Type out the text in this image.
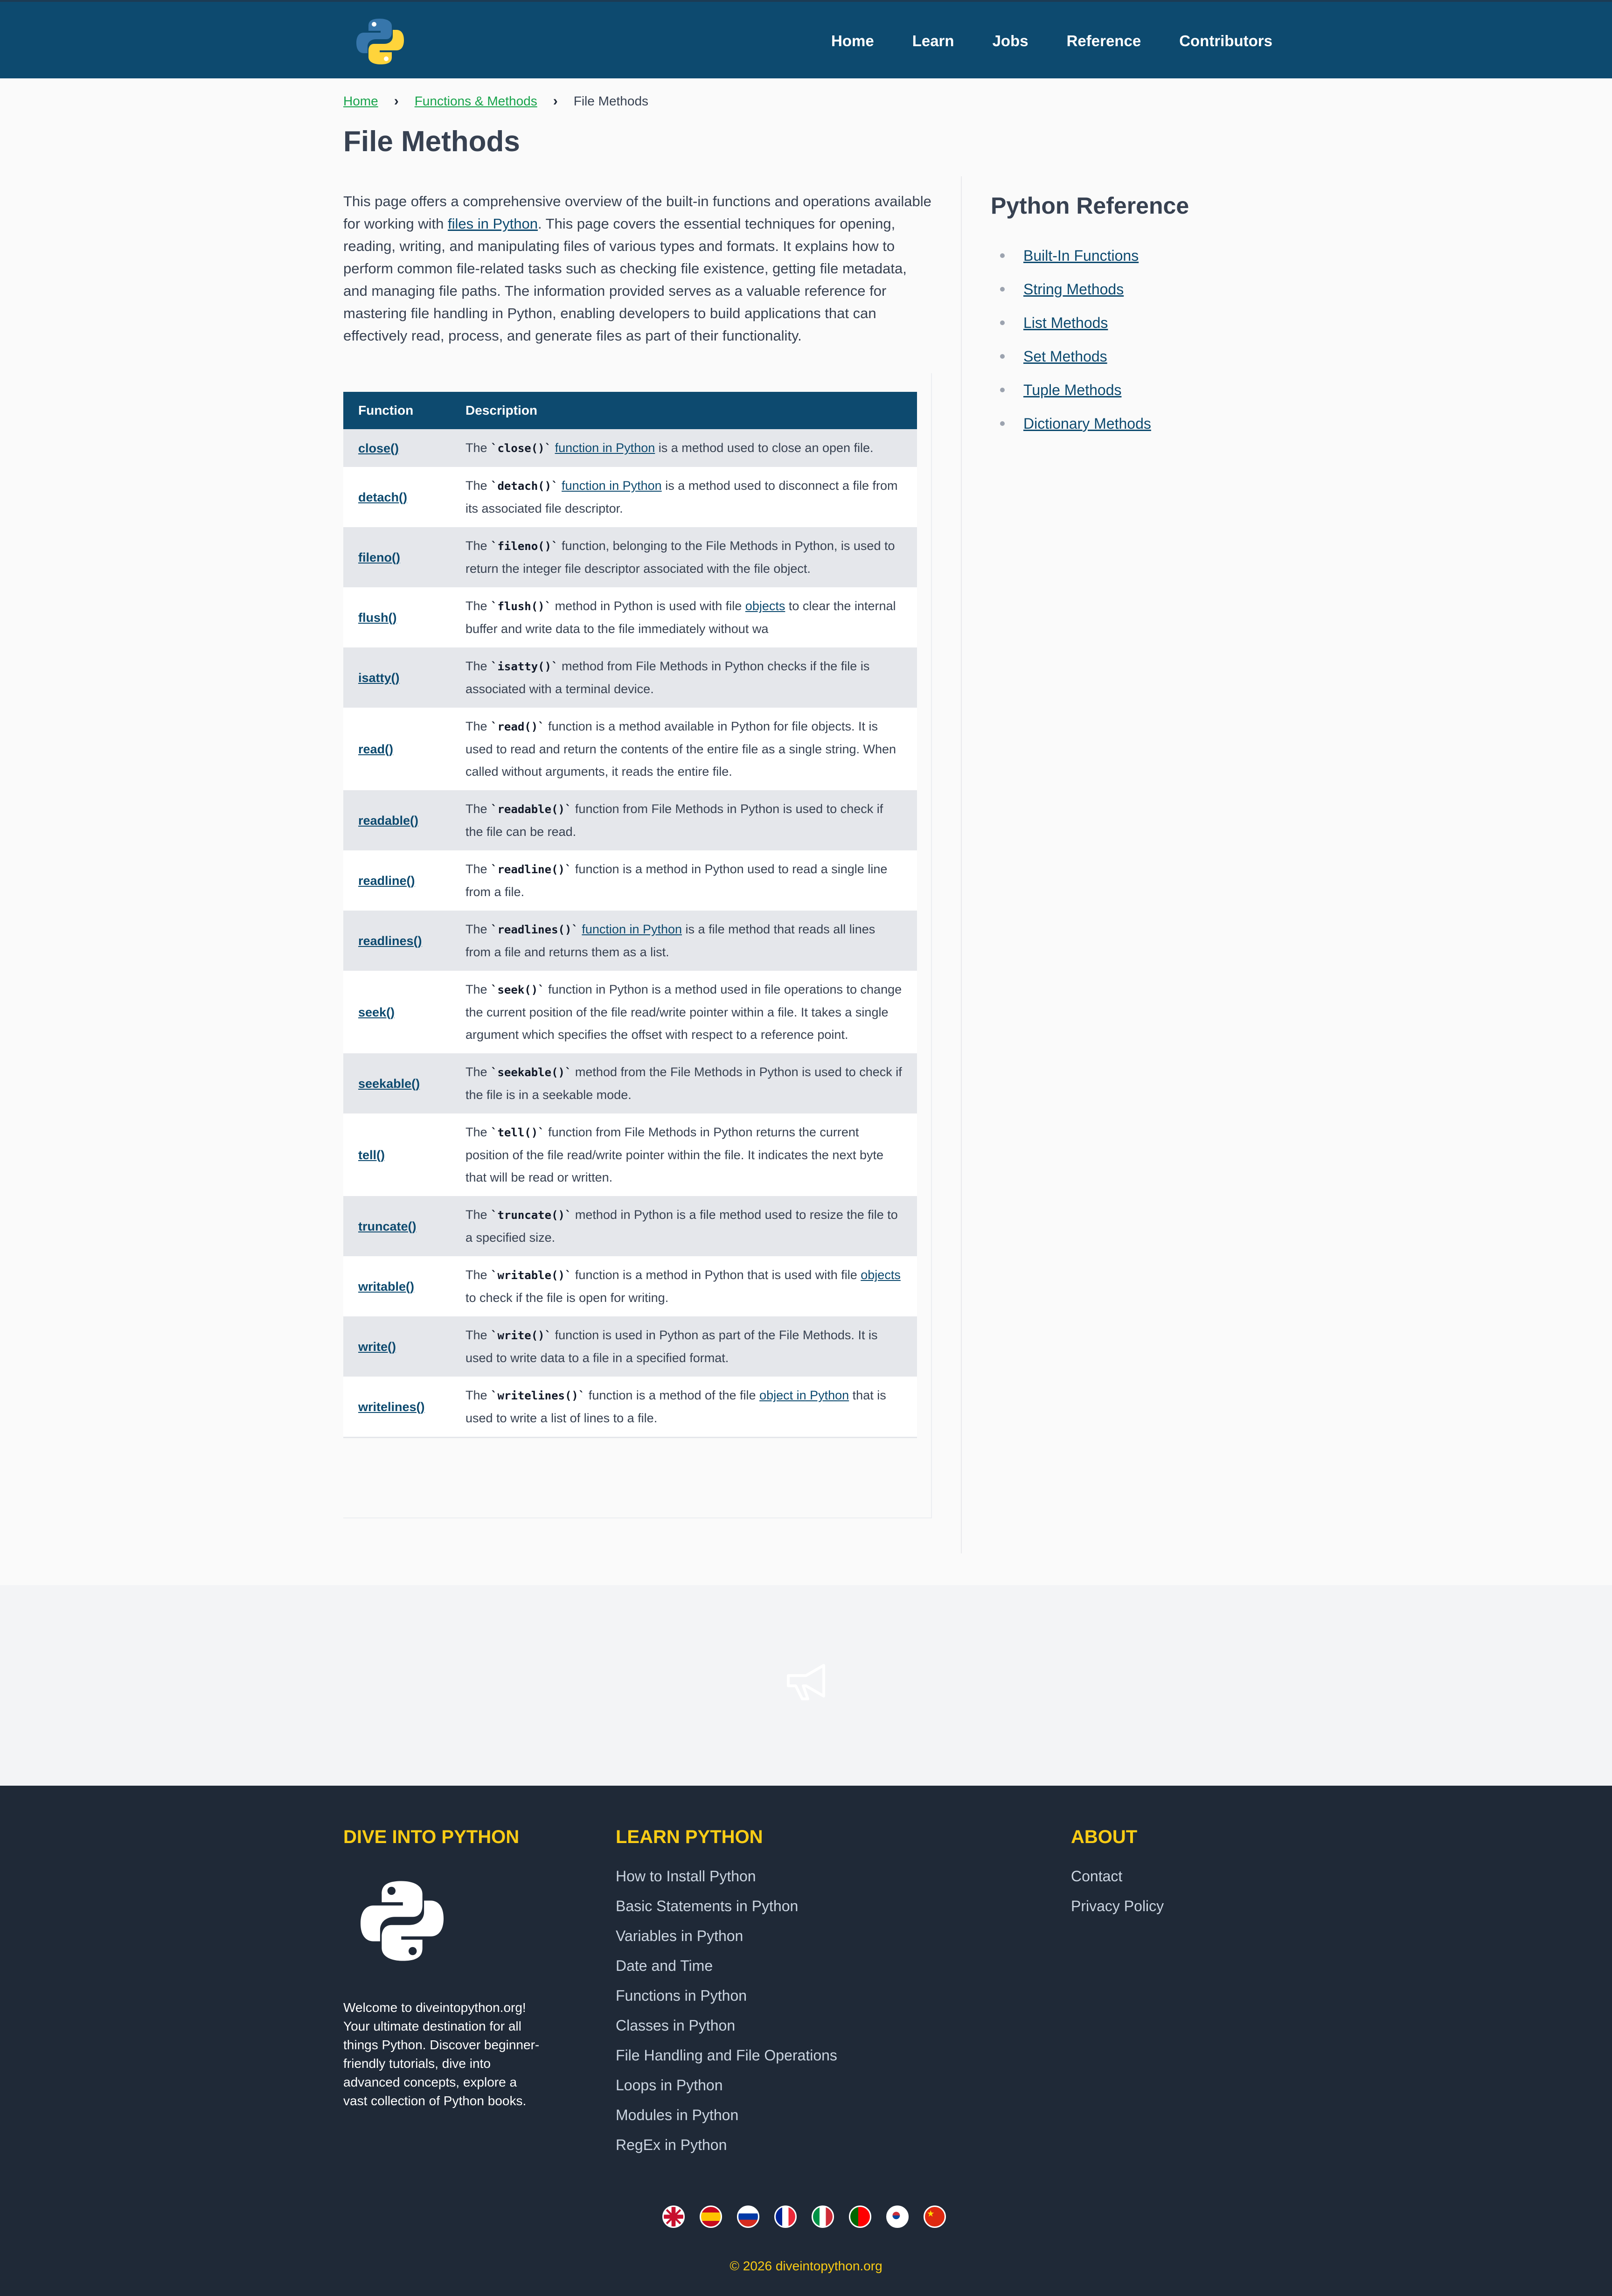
Home Learn Jobs Reference Contributors
Home › Functions & Methods › File Methods
File Methods

This page offers a comprehensive overview of the built-in functions and operations available for working with files in Python. This page covers the essential techniques for opening, reading, writing, and manipulating files of various types and formats. It explains how to perform common file-related tasks such as checking file existence, getting file metadata, and managing file paths. The information provided serves as a valuable reference for mastering file handling in Python, enabling developers to build applications that can effectively read, process, and generate files as part of their functionality.

Function	Description
close()	The `close()` function in Python is a method used to close an open file.
detach()	The `detach()` function in Python is a method used to disconnect a file from its associated file descriptor.
fileno()	The `fileno()` function, belonging to the File Methods in Python, is used to return the integer file descriptor associated with the file object.
flush()	The `flush()` method in Python is used with file objects to clear the internal buffer and write data to the file immediately without wa
isatty()	The `isatty()` method from File Methods in Python checks if the file is associated with a terminal device.
read()	The `read()` function is a method available in Python for file objects. It is used to read and return the contents of the entire file as a single string. When called without arguments, it reads the entire file.
readable()	The `readable()` function from File Methods in Python is used to check if the file can be read.
readline()	The `readline()` function is a method in Python used to read a single line from a file.
readlines()	The `readlines()` function in Python is a file method that reads all lines from a file and returns them as a list.
seek()	The `seek()` function in Python is a method used in file operations to change the current position of the file read/write pointer within a file. It takes a single argument which specifies the offset with respect to a reference point.
seekable()	The `seekable()` method from the File Methods in Python is used to check if the file is in a seekable mode.
tell()	The `tell()` function from File Methods in Python returns the current position of the file read/write pointer within the file. It indicates the next byte that will be read or written.
truncate()	The `truncate()` method in Python is a file method used to resize the file to a specified size.
writable()	The `writable()` function is a method in Python that is used with file objects to check if the file is open for writing.
write()	The `write()` function is used in Python as part of the File Methods. It is used to write data to a file in a specified format.
writelines()	The `writelines()` function is a method of the file object in Python that is used to write a list of lines to a file.
Python Reference
Built-In Functions
String Methods
List Methods
Set Methods
Tuple Methods
Dictionary Methods
DIVE INTO PYTHON

Welcome to diveintopython.org! Your ultimate destination for all things Python. Discover beginner-friendly tutorials, dive into advanced concepts, explore a vast collection of Python books.

LEARN PYTHON
How to Install Python
Basic Statements in Python
Variables in Python
Date and Time
Functions in Python
Classes in Python
File Handling and File Operations
Loops in Python
Modules in Python
RegEx in Python
ABOUT
Contact
Privacy Policy
© 2026 diveintopython.org
